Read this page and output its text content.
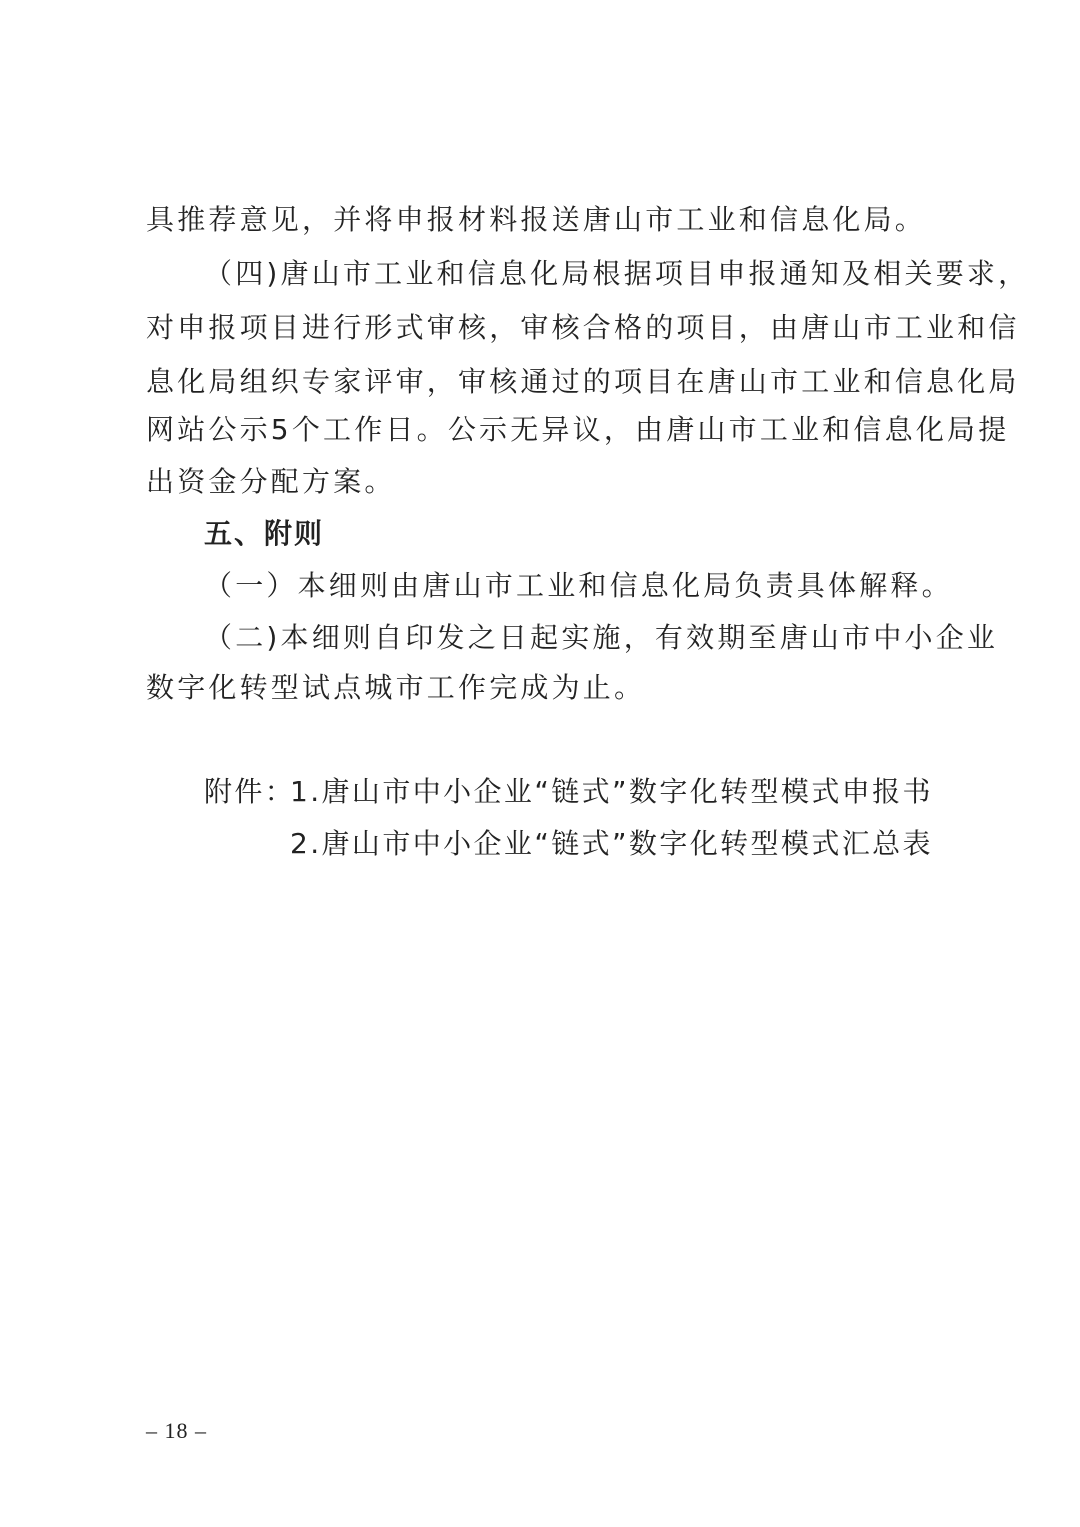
具推荐意见，并将申报材料报送唐山市工业和信息化局。
（四)唐山市工业和信息化局根据项目申报通知及相关要求，
对申报项目进行形式审核，审核合格的项目，由唐山市工业和信
息化局组织专家评审，审核通过的项目在唐山市工业和信息化局
网站公示5个工作日。公示无异议，由唐山市工业和信息化局提
出资金分配方案。
五、附则
（一）本细则由唐山市工业和信息化局负责具体解释。
（二)本细则自印发之日起实施，有效期至唐山市中小企业
数字化转型试点城市工作完成为止。
附件：
1.唐山市中小企业“链式”数字化转型模式申报书
2.唐山市中小企业“链式”数字化转型模式汇总表
– 18 –
